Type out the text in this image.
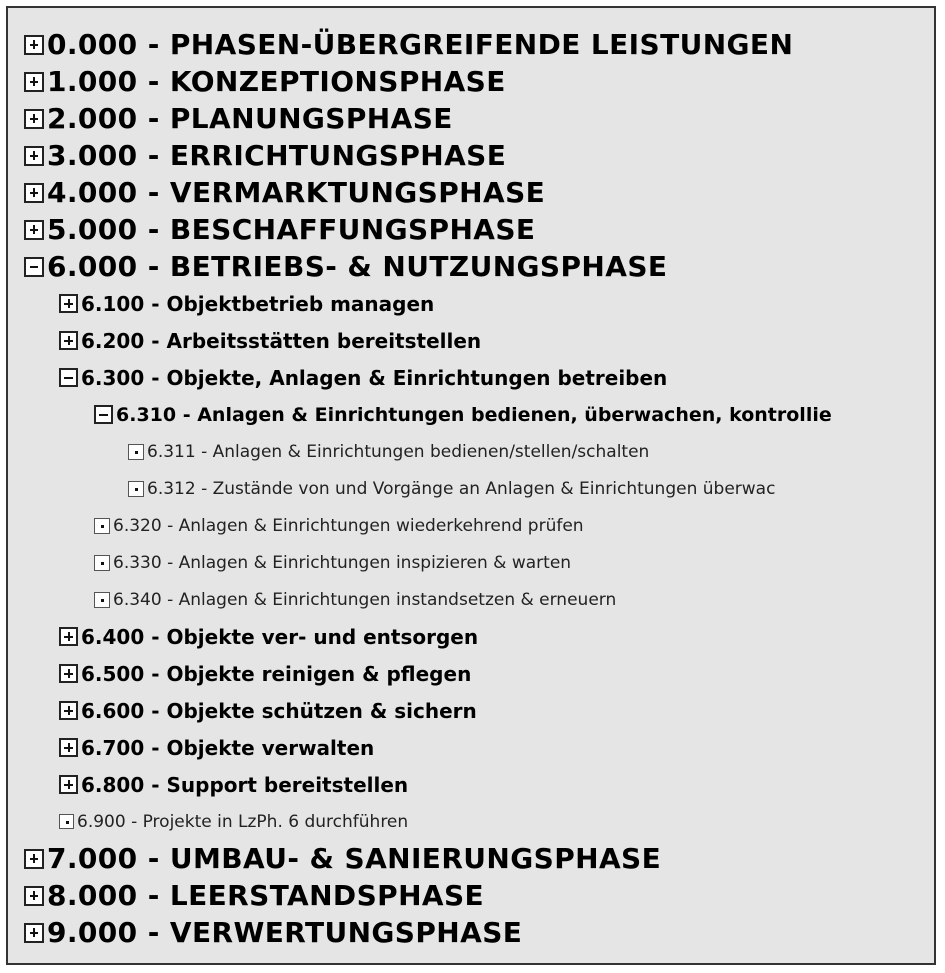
0.000 - PHASEN-ÜBERGREIFENDE LEISTUNGEN
1.000 - KONZEPTIONSPHASE
2.000 - PLANUNGSPHASE
3.000 - ERRICHTUNGSPHASE
4.000 - VERMARKTUNGSPHASE
5.000 - BESCHAFFUNGSPHASE
6.000 - BETRIEBS- & NUTZUNGSPHASE
6.100 - Objektbetrieb managen
6.200 - Arbeitsstätten bereitstellen
6.300 - Objekte, Anlagen & Einrichtungen betreiben
6.310 - Anlagen & Einrichtungen bedienen, überwachen, kontrollie
6.311 - Anlagen & Einrichtungen bedienen/stellen/schalten
6.312 - Zustände von und Vorgänge an Anlagen & Einrichtungen überwac
6.320 - Anlagen & Einrichtungen wiederkehrend prüfen
6.330 - Anlagen & Einrichtungen inspizieren & warten
6.340 - Anlagen & Einrichtungen instandsetzen & erneuern
6.400 - Objekte ver- und entsorgen
6.500 - Objekte reinigen & pflegen
6.600 - Objekte schützen & sichern
6.700 - Objekte verwalten
6.800 - Support bereitstellen
6.900 - Projekte in LzPh. 6 durchführen
7.000 - UMBAU- & SANIERUNGSPHASE
8.000 - LEERSTANDSPHASE
9.000 - VERWERTUNGSPHASE
